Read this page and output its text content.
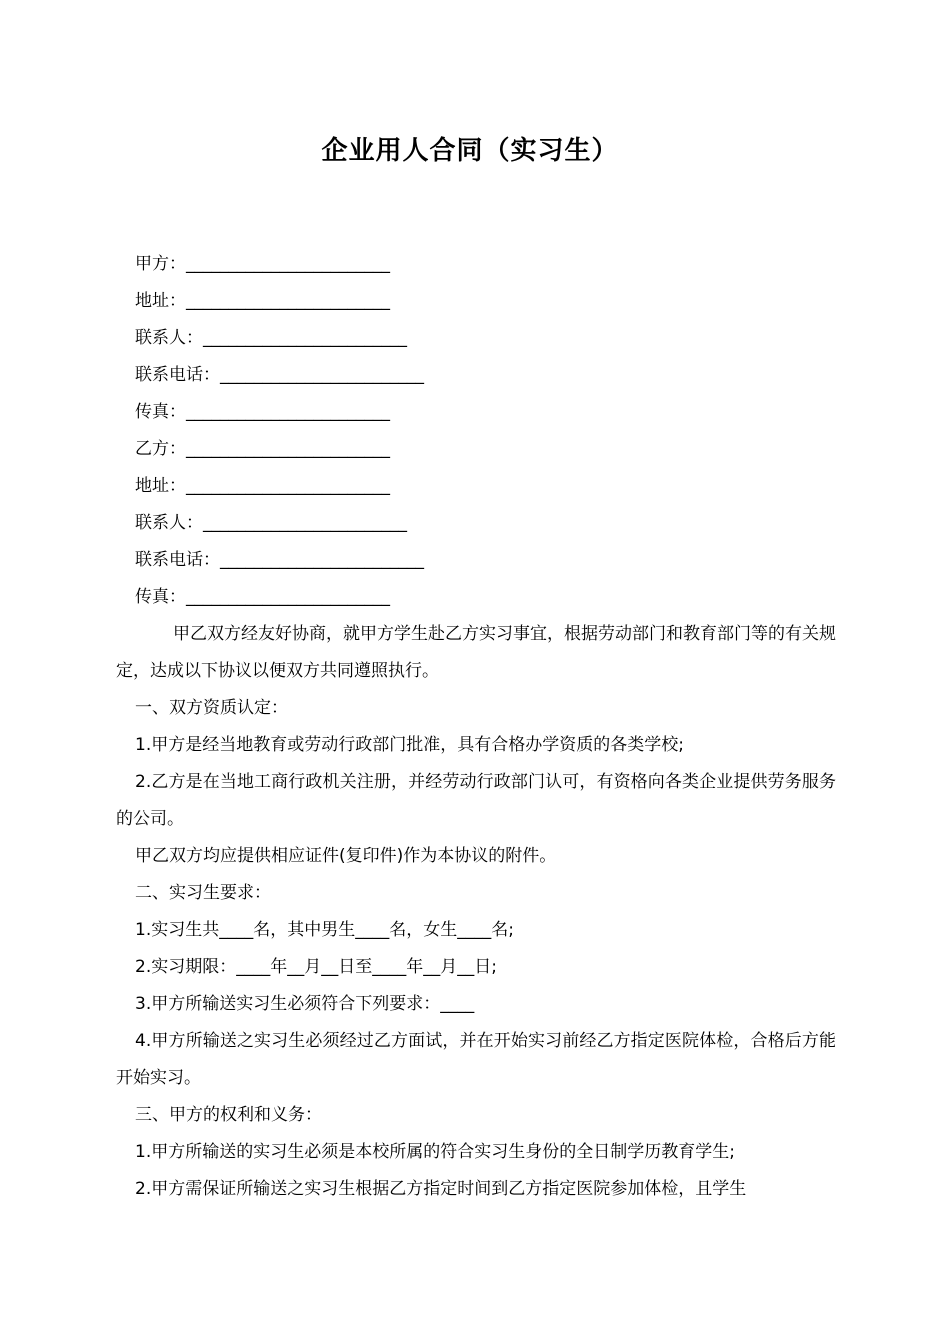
企业用人合同（实习生）
甲方：________________________
地址：________________________
联系人：________________________
联系电话：________________________
传真：________________________
乙方：________________________
地址：________________________
联系人：________________________
联系电话：________________________
传真：________________________
甲乙双方经友好协商，就甲方学生赴乙方实习事宜，根据劳动部门和教育部门等的有关规定，达成以下协议以便双方共同遵照执行。
一、双方资质认定：
1.甲方是经当地教育或劳动行政部门批准，具有合格办学资质的各类学校;
2.乙方是在当地工商行政机关注册，并经劳动行政部门认可，有资格向各类企业提供劳务服务的公司。
甲乙双方均应提供相应证件(复印件)作为本协议的附件。
二、实习生要求：
1.实习生共____名，其中男生____名，女生____名;
2.实习期限：____年__月__日至____年__月__日;
3.甲方所输送实习生必须符合下列要求：____
4.甲方所输送之实习生必须经过乙方面试，并在开始实习前经乙方指定医院体检，合格后方能开始实习。
三、甲方的权利和义务：
1.甲方所输送的实习生必须是本校所属的符合实习生身份的全日制学历教育学生;
2.甲方需保证所输送之实习生根据乙方指定时间到乙方指定医院参加体检，且学生
